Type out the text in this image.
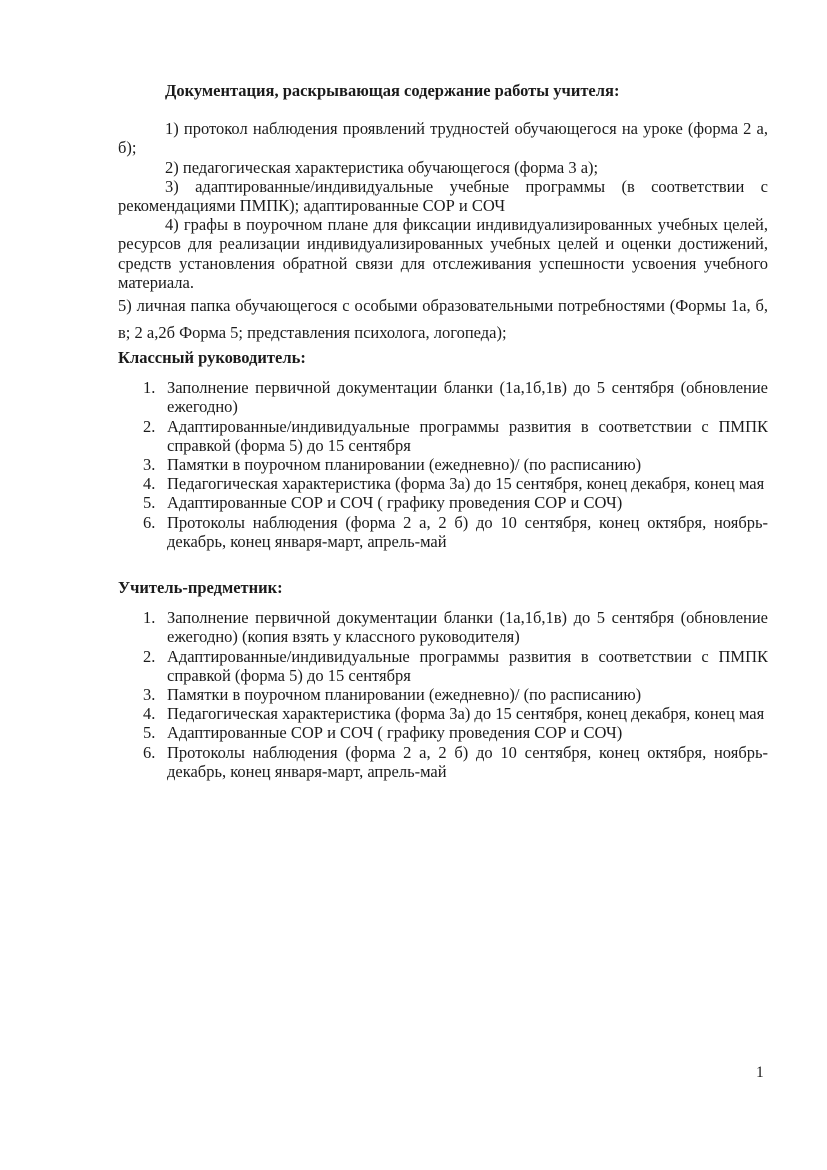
Документация, раскрывающая содержание работы учителя:

1) протокол наблюдения проявлений трудностей обучающегося на уроке (форма 2 а, б);

2) педагогическая характеристика обучающегося (форма 3 а);

3) адаптированные/индивидуальные учебные программы (в соответствии с рекомендациями ПМПК); адаптированные СОР и СОЧ

4) графы в поурочном плане для фиксации индивидуализированных учебных целей, ресурсов для реализации индивидуализированных учебных целей и оценки достижений, средств установления обратной связи для отслеживания успешности усвоения учебного материала.

5) личная папка обучающегося с особыми образовательными потребностями (Формы 1а, б, в; 2 а,2б Форма 5; представления психолога, логопеда);

Классный руководитель:

1. Заполнение первичной документации бланки (1а,1б,1в) до 5 сентября (обновление ежегодно)
2. Адаптированные/индивидуальные программы развития в соответствии с ПМПК справкой (форма 5) до 15 сентября
3. Памятки в поурочном планировании (ежедневно)/ (по расписанию)
4. Педагогическая характеристика (форма 3а) до 15 сентября, конец декабря, конец мая
5. Адаптированные СОР и СОЧ ( графику проведения СОР и СОЧ)
6. Протоколы наблюдения (форма 2 а, 2 б) до 10 сентября, конец октября, ноябрь-декабрь, конец января-март, апрель-май

Учитель-предметник:

1. Заполнение первичной документации бланки (1а,1б,1в) до 5 сентября (обновление ежегодно) (копия взять у классного руководителя)
2. Адаптированные/индивидуальные программы развития в соответствии с ПМПК справкой (форма 5) до 15 сентября
3. Памятки в поурочном планировании (ежедневно)/ (по расписанию)
4. Педагогическая характеристика (форма 3а) до 15 сентября, конец декабря, конец мая
5. Адаптированные СОР и СОЧ ( графику проведения СОР и СОЧ)
6. Протоколы наблюдения (форма 2 а, 2 б) до 10 сентября, конец октября, ноябрь-декабрь, конец января-март, апрель-май
1
